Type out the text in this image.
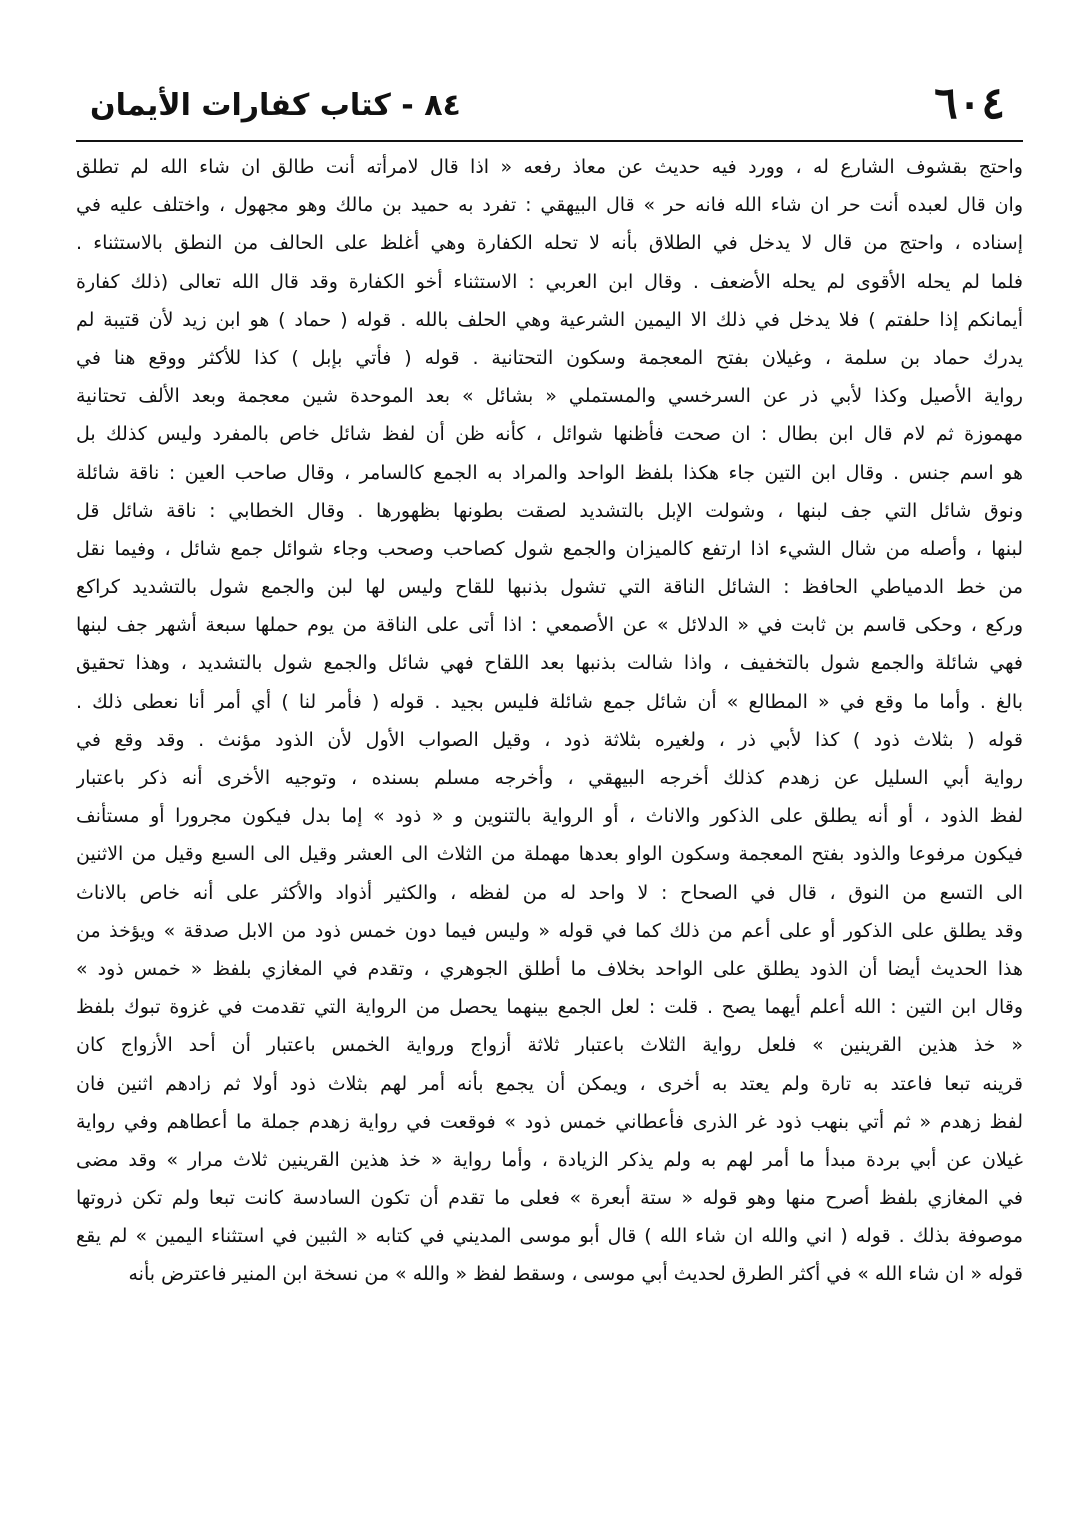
٦٠٤
٨٤ - كتاب كفارات الأيمان
واحتج بقشوف الشارع له ، وورد فيه حديث عن معاذ رفعه « اذا قال لامرأته أنت طالق ان شاء الله لم تطلق
وان قال لعبده أنت حر ان شاء الله فانه حر » قال البيهقي : تفرد به حميد بن مالك وهو مجهول ، واختلف عليه في
إسناده ، واحتج من قال لا يدخل في الطلاق بأنه لا تحله الكفارة وهي أغلظ على الحالف من النطق بالاستثناء .
فلما لم يحله الأقوى لم يحله الأضعف . وقال ابن العربي : الاستثناء أخو الكفارة وقد قال الله تعالى (ذلك كفارة
أيمانكم إذا حلفتم ) فلا يدخل في ذلك الا اليمين الشرعية وهي الحلف بالله . قوله ( حماد ) هو ابن زيد لأن قتيبة لم
يدرك حماد بن سلمة ، وغيلان بفتح المعجمة وسكون التحتانية . قوله ( فأتي بإبل ) كذا للأكثر ووقع هنا في
رواية الأصيل وكذا لأبي ذر عن السرخسي والمستملي « بشائل » بعد الموحدة شين معجمة وبعد الألف تحتانية
مهموزة ثم لام قال ابن بطال : ان صحت فأظنها شوائل ، كأنه ظن أن لفظ شائل خاص بالمفرد وليس كذلك بل
هو اسم جنس . وقال ابن التين جاء هكذا بلفظ الواحد والمراد به الجمع كالسامر ، وقال صاحب العين : ناقة شائلة
ونوق شائل التي جف لبنها ، وشولت الإبل بالتشديد لصقت بطونها بظهورها . وقال الخطابي : ناقة شائل قل
لبنها ، وأصله من شال الشيء اذا ارتفع كالميزان والجمع شول كصاحب وصحب وجاء شوائل جمع شائل ، وفيما نقل
من خط الدمياطي الحافظ : الشائل الناقة التي تشول بذنبها للقاح وليس لها لبن والجمع شول بالتشديد كراكع
وركع ، وحكى قاسم بن ثابت في « الدلائل » عن الأصمعي : اذا أتى على الناقة من يوم حملها سبعة أشهر جف لبنها
فهي شائلة والجمع شول بالتخفيف ، واذا شالت بذنبها بعد اللقاح فهي شائل والجمع شول بالتشديد ، وهذا تحقيق
بالغ . وأما ما وقع في « المطالع » أن شائل جمع شائلة فليس بجيد . قوله ( فأمر لنا ) أي أمر أنا نعطى ذلك .
قوله ( بثلاث ذود ) كذا لأبي ذر ، ولغيره بثلاثة ذود ، وقيل الصواب الأول لأن الذود مؤنث . وقد وقع في
رواية أبي السليل عن زهدم كذلك أخرجه البيهقي ، وأخرجه مسلم بسنده ، وتوجيه الأخرى أنه ذكر باعتبار
لفظ الذود ، أو أنه يطلق على الذكور والاناث ، أو الرواية بالتنوين و « ذود » إما بدل فيكون مجرورا أو مستأنف
فيكون مرفوعا والذود بفتح المعجمة وسكون الواو بعدها مهملة من الثلاث الى العشر وقيل الى السبع وقيل من الاثنين
الى التسع من النوق ، قال في الصحاح : لا واحد له من لفظه ، والكثير أذواد والأكثر على أنه خاص بالاناث
وقد يطلق على الذكور أو على أعم من ذلك كما في قوله « وليس فيما دون خمس ذود من الابل صدقة » ويؤخذ من
هذا الحديث أيضا أن الذود يطلق على الواحد بخلاف ما أطلق الجوهري ، وتقدم في المغازي بلفظ « خمس ذود »
وقال ابن التين : الله أعلم أيهما يصح . قلت : لعل الجمع بينهما يحصل من الرواية التي تقدمت في غزوة تبوك بلفظ
« خذ هذين القرينين » فلعل رواية الثلاث باعتبار ثلاثة أزواج ورواية الخمس باعتبار أن أحد الأزواج كان
قرينه تبعا فاعتد به تارة ولم يعتد به أخرى ، ويمكن أن يجمع بأنه أمر لهم بثلاث ذود أولا ثم زادهم اثنين فان
لفظ زهدم « ثم أتي بنهب ذود غر الذرى فأعطاني خمس ذود » فوقعت في رواية زهدم جملة ما أعطاهم وفي رواية
غيلان عن أبي بردة مبدأ ما أمر لهم به ولم يذكر الزيادة ، وأما رواية « خذ هذين القرينين ثلاث مرار » وقد مضى
في المغازي بلفظ أصرح منها وهو قوله « ستة أبعرة » فعلى ما تقدم أن تكون السادسة كانت تبعا ولم تكن ذروتها
موصوفة بذلك . قوله ( اني والله ان شاء الله ) قال أبو موسى المديني في كتابه « الثبين في استثناء اليمين » لم يقع
قوله « ان شاء الله » في أكثر الطرق لحديث أبي موسى ، وسقط لفظ « والله » من نسخة ابن المنير فاعترض بأنه
